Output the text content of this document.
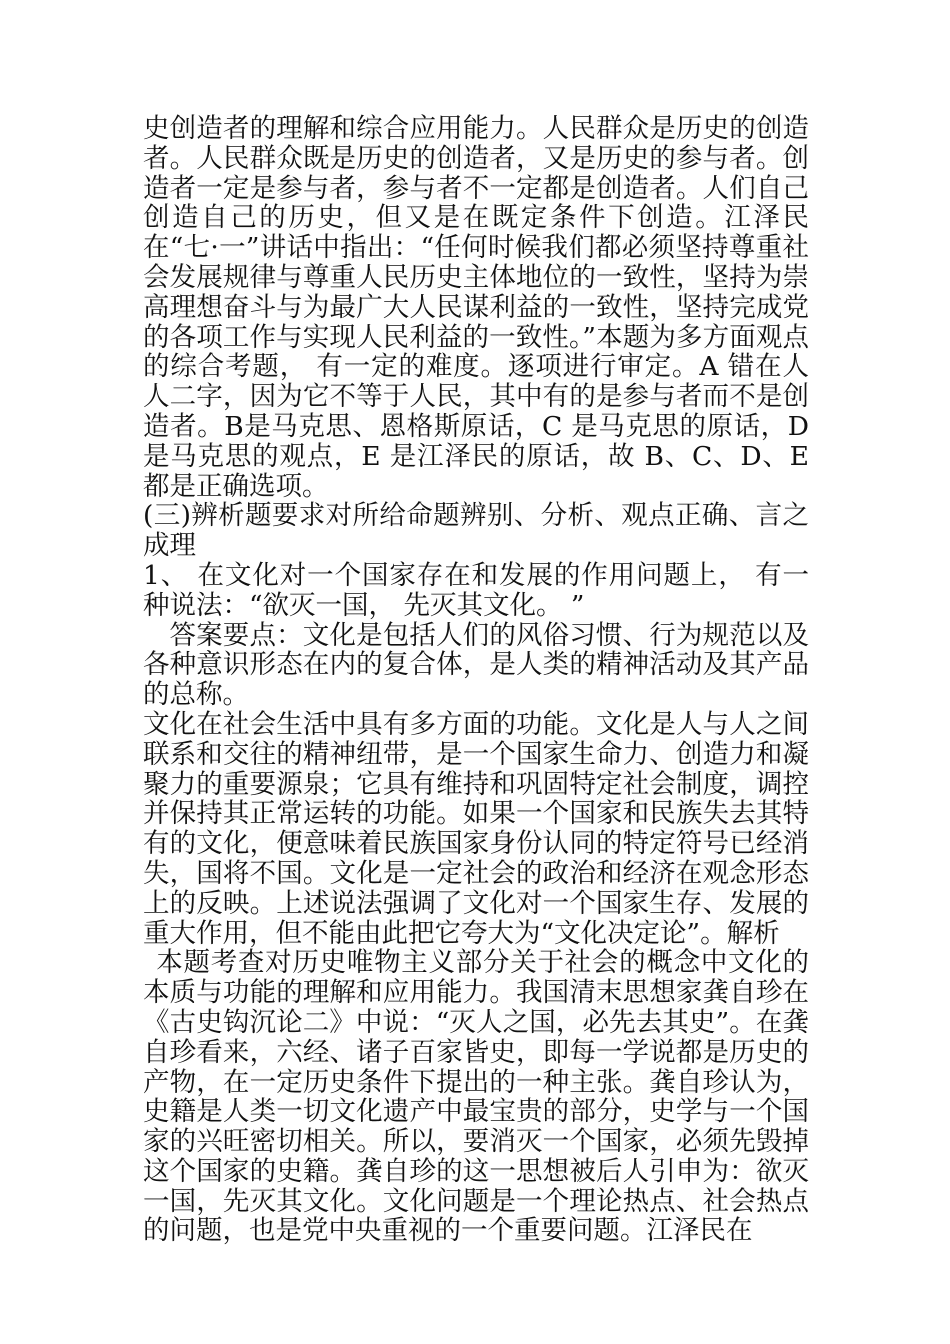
史创造者的理解和综合应用能力。人民群众是历史的创造者。人民群众既是历史的创造者，又是历史的参与者。创造者一定是参与者，参与者不一定都是创造者。人们自己创造自己的历史，但又是在既定条件下创造。江泽民在“七·一”讲话中指出：“任何时候我们都必须坚持尊重社会发展规律与尊重人民历史主体地位的一致性，坚持为崇高理想奋斗与为最广大人民谋利益的一致性，坚持完成党的各项工作与实现人民利益的一致性。”本题为多方面观点的综合考题， 有一定的难度。逐项进行审定。A 错在人人二字，因为它不等于人民，其中有的是参与者而不是创造者。B是马克思、恩格斯原话，C 是马克思的原话，D是马克思的观点，E 是江泽民的原话，故 B、C、D、E 都是正确选项。

(三)辨析题要求对所给命题辨别、分析、观点正确、言之成理

1、 在文化对一个国家存在和发展的作用问题上， 有一种说法：“欲灭一国， 先灭其文化。 ”

答案要点：文化是包括人们的风俗习惯、行为规范以及各种意识形态在内的复合体，是人类的精神活动及其产品的总称。

文化在社会生活中具有多方面的功能。文化是人与人之间联系和交往的精神纽带，是一个国家生命力、创造力和凝聚力的重要源泉；它具有维持和巩固特定社会制度，调控并保持其正常运转的功能。如果一个国家和民族失去其特有的文化，便意味着民族国家身份认同的特定符号已经消失，国将不国。文化是一定社会的政治和经济在观念形态上的反映。上述说法强调了文化对一个国家生存、发展的重大作用，但不能由此把它夸大为“文化决定论”。解析

本题考查对历史唯物主义部分关于社会的概念中文化的本质与功能的理解和应用能力。我国清末思想家龚自珍在《古史钩沉论二》中说：“灭人之国，必先去其史”。在龚自珍看来，六经、诸子百家皆史，即每一学说都是历史的产物，在一定历史条件下提出的一种主张。龚自珍认为，史籍是人类一切文化遗产中最宝贵的部分，史学与一个国家的兴旺密切相关。所以，要消灭一个国家，必须先毁掉这个国家的史籍。龚自珍的这一思想被后人引申为：欲灭一国，先灭其文化。文化问题是一个理论热点、社会热点的问题，也是党中央重视的一个重要问题。江泽民在
